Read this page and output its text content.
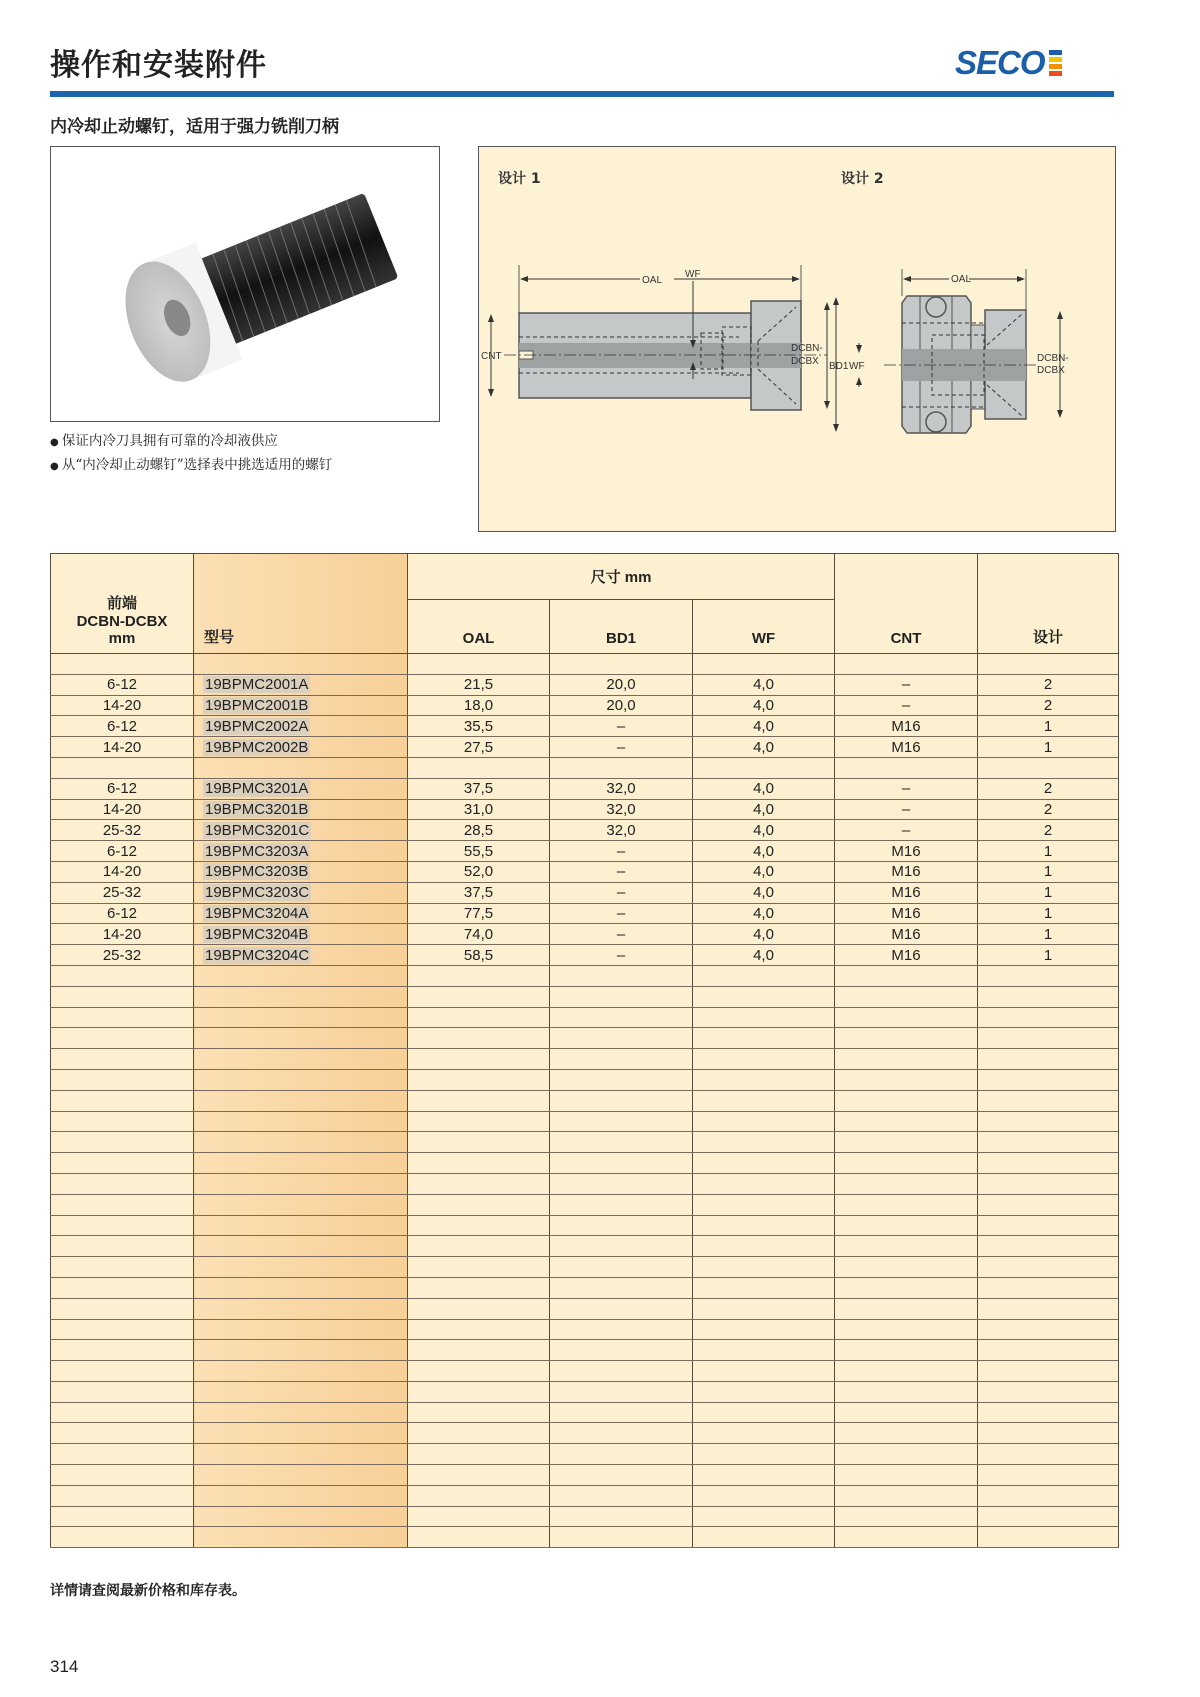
操作和安装附件	SECO
内冷却止动螺钉，适用于强力铣削刀柄
● 保证内冷刀具拥有可靠的冷却液供应
● 从“内冷却止动螺钉”选择表中挑选适用的螺钉
设计 1
OAL
WF
CNT
DCBN-
DCBX
设计 2
OAL
BD1 WF
DCBN-
DCBX
前端
DCBN-DCBX
mm	型号	尺寸 mm			CNT	设计
		OAL	BD1	WF		

6-12	19BPMC2001A	21,5	20,0	4,0	–	2
14-20	19BPMC2001B	18,0	20,0	4,0	–	2
6-12	19BPMC2002A	35,5	–	4,0	M16	1
14-20	19BPMC2002B	27,5	–	4,0	M16	1

6-12	19BPMC3201A	37,5	32,0	4,0	–	2
14-20	19BPMC3201B	31,0	32,0	4,0	–	2
25-32	19BPMC3201C	28,5	32,0	4,0	–	2
6-12	19BPMC3203A	55,5	–	4,0	M16	1
14-20	19BPMC3203B	52,0	–	4,0	M16	1
25-32	19BPMC3203C	37,5	–	4,0	M16	1
6-12	19BPMC3204A	77,5	–	4,0	M16	1
14-20	19BPMC3204B	74,0	–	4,0	M16	1
25-32	19BPMC3204C	58,5	–	4,0	M16	1

详情请查阅最新价格和库存表。
314
